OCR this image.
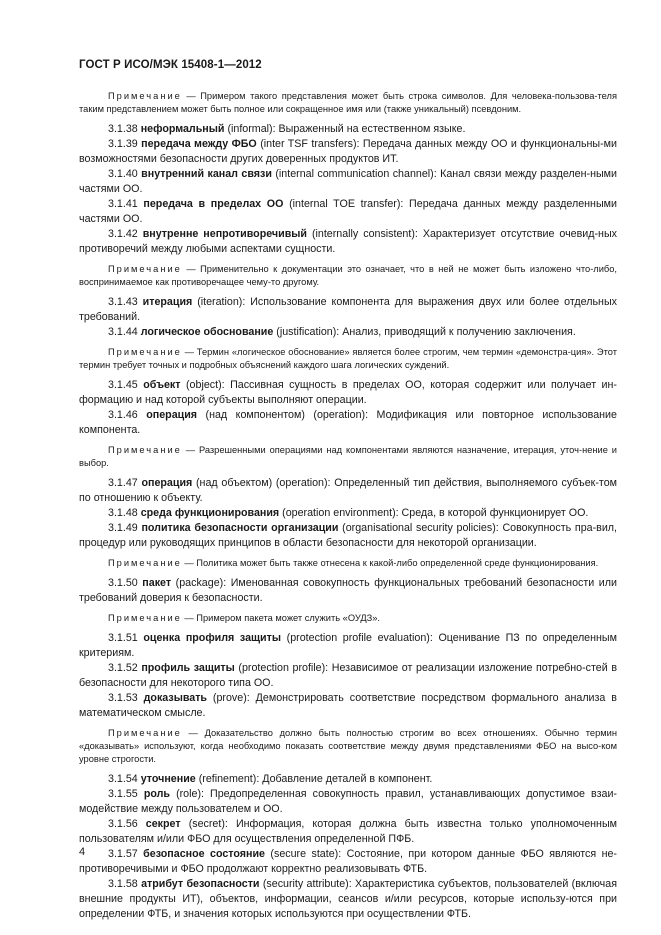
ГОСТ Р ИСО/МЭК 15408-1—2012

Примечание — Примером такого представления может быть строка символов. Для человека-пользова-теля таким представлением может быть полное или сокращенное имя или (также уникальный) псевдоним.

3.1.38 неформальный (informal): Выраженный на естественном языке.

3.1.39 передача между ФБО (inter TSF transfers): Передача данных между ОО и функциональны-ми возможностями безопасности других доверенных продуктов ИТ.

3.1.40 внутренний канал связи (internal communication channel): Канал связи между разделен-ными частями ОО.

3.1.41 передача в пределах ОО (internal TOE transfer): Передача данных между разделенными частями ОО.

3.1.42 внутренне непротиворечивый (internally consistent): Характеризует отсутствие очевид-ных противоречий между любыми аспектами сущности.

Примечание — Применительно к документации это означает, что в ней не может быть изложено что-либо, воспринимаемое как противоречащее чему-то другому.

3.1.43 итерация (iteration): Использование компонента для выражения двух или более отдельных требований.

3.1.44 логическое обоснование (justification): Анализ, приводящий к получению заключения.

Примечание — Термин «логическое обоснование» является более строгим, чем термин «демонстра-ция». Этот термин требует точных и подробных объяснений каждого шага логических суждений.

3.1.45 объект (object): Пассивная сущность в пределах ОО, которая содержит или получает ин-формацию и над которой субъекты выполняют операции.

3.1.46 операция (над компонентом) (operation): Модификация или повторное использование компонента.

Примечание — Разрешенными операциями над компонентами являются назначение, итерация, уточ-нение и выбор.

3.1.47 операция (над объектом) (operation): Определенный тип действия, выполняемого субъек-том по отношению к объекту.

3.1.48 среда функционирования (operation environment): Среда, в которой функционирует ОО.

3.1.49 политика безопасности организации (organisational security policies): Совокупность пра-вил, процедур или руководящих принципов в области безопасности для некоторой организации.

Примечание — Политика может быть также отнесена к какой-либо определенной среде функционирования.

3.1.50 пакет (package): Именованная совокупность функциональных требований безопасности или требований доверия к безопасности.

Примечание — Примером пакета может служить «ОУДЗ».

3.1.51 оценка профиля защиты (protection profile evaluation): Оценивание ПЗ по определенным критериям.

3.1.52 профиль защиты (protection profile): Независимое от реализации изложение потребно-стей в безопасности для некоторого типа ОО.

3.1.53 доказывать (prove): Демонстрировать соответствие посредством формального анализа в математическом смысле.

Примечание — Доказательство должно быть полностью строгим во всех отношениях. Обычно термин «доказывать» используют, когда необходимо показать соответствие между двумя представлениями ФБО на высо-ком уровне строгости.

3.1.54 уточнение (refinement): Добавление деталей в компонент.

3.1.55 роль (role): Предопределенная совокупность правил, устанавливающих допустимое взаи-модействие между пользователем и ОО.

3.1.56 секрет (secret): Информация, которая должна быть известна только уполномоченным пользователям и/или ФБО для осуществления определенной ПФБ.

3.1.57 безопасное состояние (secure state): Состояние, при котором данные ФБО являются не-противоречивыми и ФБО продолжают корректно реализовывать ФТБ.

3.1.58 атрибут безопасности (security attribute): Характеристика субъектов, пользователей (включая внешние продукты ИТ), объектов, информации, сеансов и/или ресурсов, которые использу-ются при определении ФТБ, и значения которых используются при осуществлении ФТБ.

4
